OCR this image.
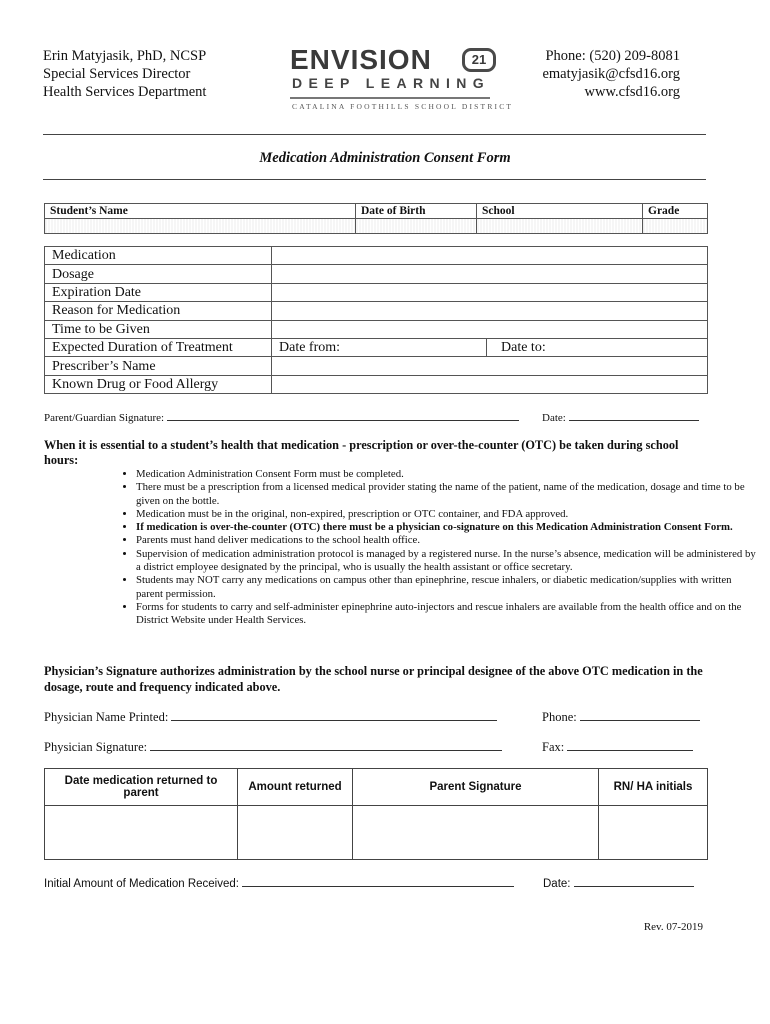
Erin Matyjasik, PhD, NCSP
Special Services Director
Health Services Department
ENVISION	21
DEEP LEARNING
CATALINA FOOTHILLS SCHOOL DISTRICT
Phone: (520) 209-8081
ematyjasik@cfsd16.org
www.cfsd16.org
Medication Administration Consent Form
Student’s Name	Date of Birth	School	Grade

Medication		
Dosage		
Expiration Date		
Reason for Medication		
Time to be Given		
Expected Duration of Treatment	Date from:	Date to:
Prescriber’s Name		
Known Drug or Food Allergy		
Parent/Guardian Signature:	Date:
When it is essential to a student’s health that medication - prescription or over-the-counter (OTC) be taken during school hours:
• Medication Administration Consent Form must be completed.
• There must be a prescription from a licensed medical provider stating the name of the patient, name of the medication, dosage and time to be given on the bottle.
• Medication must be in the original, non-expired, prescription or OTC container, and FDA approved.
• If medication is over-the-counter (OTC) there must be a physician co-signature on this Medication Administration Consent Form.
• Parents must hand deliver medications to the school health office.
• Supervision of medication administration protocol is managed by a registered nurse. In the nurse’s absence, medication will be administered by a district employee designated by the principal, who is usually the health assistant or office secretary.
• Students may NOT carry any medications on campus other than epinephrine, rescue inhalers, or diabetic medication/supplies with written parent permission.
• Forms for students to carry and self-administer epinephrine auto-injectors and rescue inhalers are available from the health office and on the District Website under Health Services.
Physician’s Signature authorizes administration by the school nurse or principal designee of the above OTC medication in the dosage, route and frequency indicated above.
Physician Name Printed:	Phone:
Physician Signature:	Fax:
Date medication returned to parent	Amount returned	Parent Signature	RN/ HA initials

Initial Amount of Medication Received:	Date:
Rev. 07-2019
